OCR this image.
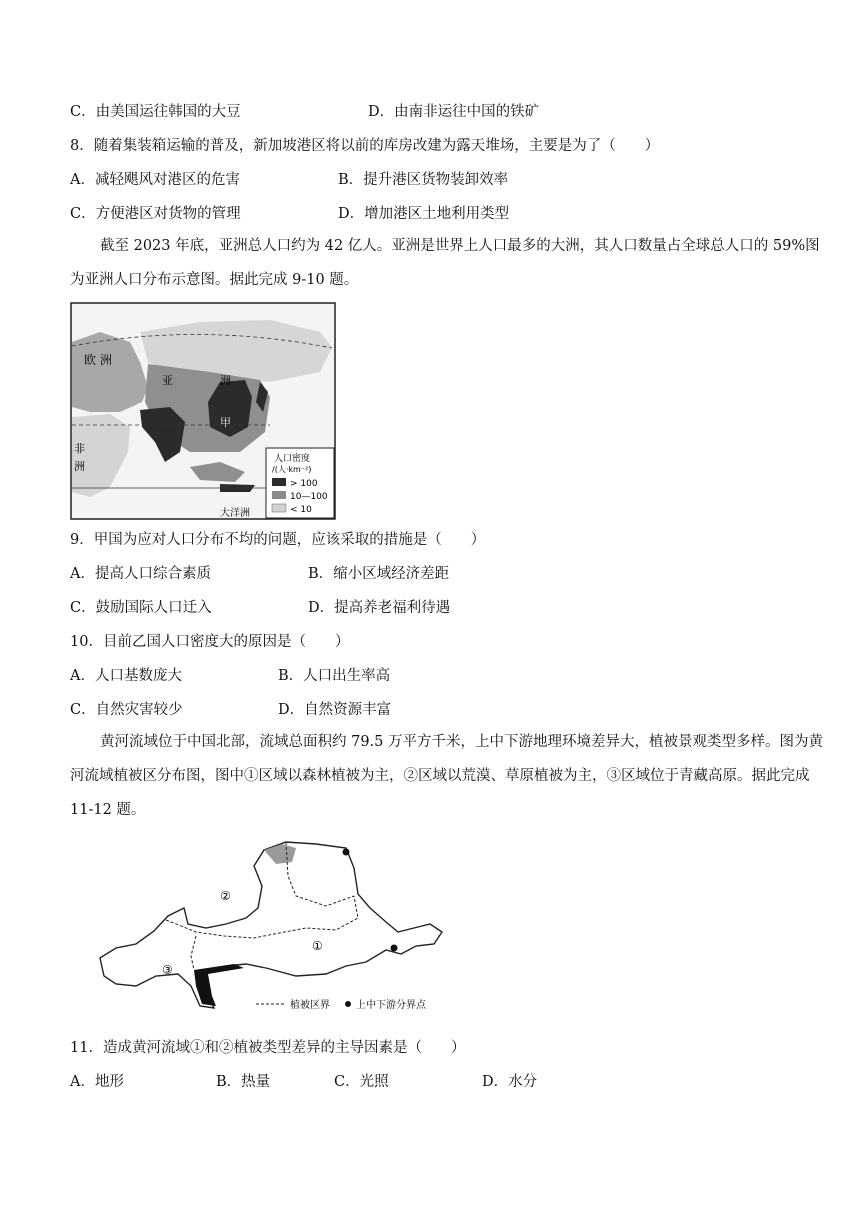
C．由美国运往韩国的大豆	D．由南非运往中国的铁矿
8．随着集装箱运输的普及，新加坡港区将以前的库房改建为露天堆场，主要是为了（　　）
A．减轻飓风对港区的危害	B．提升港区货物装卸效率
C．方便港区对货物的管理	D．增加港区土地利用类型
截至 2023 年底，亚洲总人口约为 42 亿人。亚洲是世界上人口最多的大洲，其人口数量占全球总人口的 59%图为亚洲人口分布示意图。据此完成 9-10 题。
欧 洲
亚	洲
非
洲
甲
大洋洲
人口密度
/(人·km⁻²)
> 100
10—100
< 10
9．甲国为应对人口分布不均的问题，应该采取的措施是（　　）
A．提高人口综合素质	B．缩小区域经济差距
C．鼓励国际人口迁入	D．提高养老福利待遇
10．目前乙国人口密度大的原因是（　　）
A．人口基数庞大	B．人口出生率高
C．自然灾害较少	D．自然资源丰富
黄河流域位于中国北部，流域总面积约 79.5 万平方千米，上中下游地理环境差异大，植被景观类型多样。图为黄河流域植被区分布图，图中①区域以森林植被为主，②区域以荒漠、草原植被为主，③区域位于青藏高原。据此完成 11-12 题。
②
①
③
植被区界	上中下游分界点
11．造成黄河流域①和②植被类型差异的主导因素是（　　）
A．地形	B．热量	C．光照	D．水分
